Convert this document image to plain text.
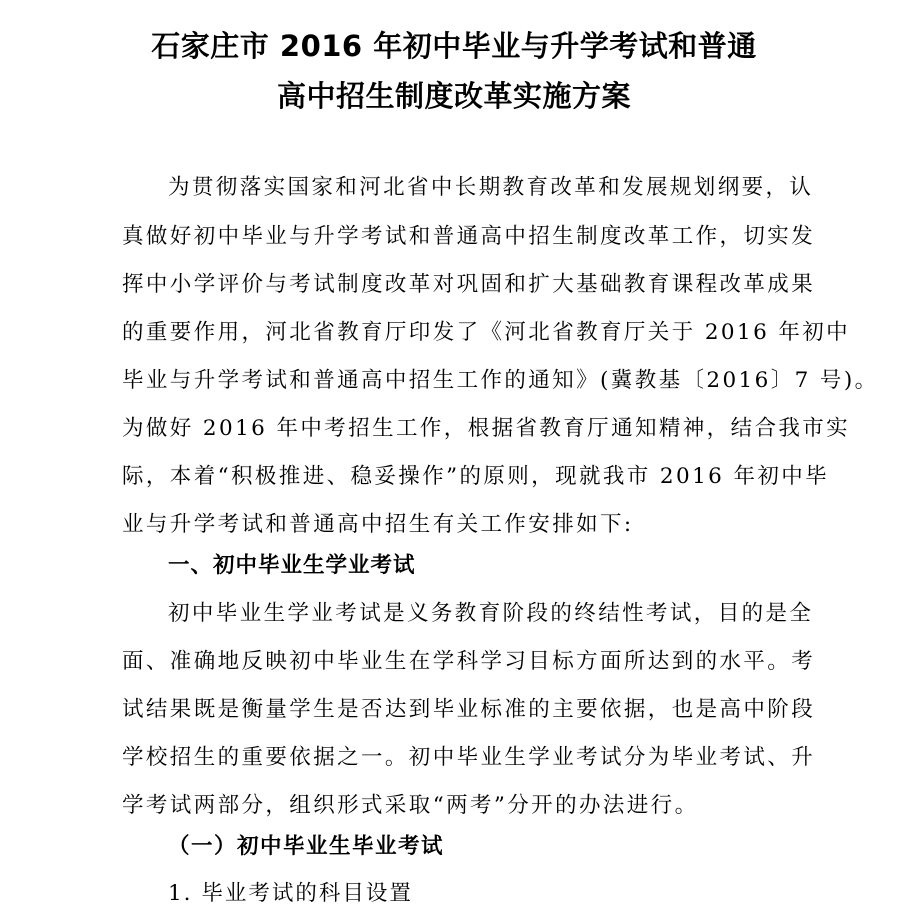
石家庄市 2016 年初中毕业与升学考试和普通
高中招生制度改革实施方案
为贯彻落实国家和河北省中长期教育改革和发展规划纲要，认
真做好初中毕业与升学考试和普通高中招生制度改革工作，切实发
挥中小学评价与考试制度改革对巩固和扩大基础教育课程改革成果
的重要作用，河北省教育厅印发了《河北省教育厅关于 2016 年初中
毕业与升学考试和普通高中招生工作的通知》(冀教基〔2016〕7 号)。
为做好 2016 年中考招生工作，根据省教育厅通知精神，结合我市实
际，本着“积极推进、稳妥操作”的原则，现就我市 2016 年初中毕
业与升学考试和普通高中招生有关工作安排如下:
一、初中毕业生学业考试
初中毕业生学业考试是义务教育阶段的终结性考试，目的是全
面、准确地反映初中毕业生在学科学习目标方面所达到的水平。考
试结果既是衡量学生是否达到毕业标准的主要依据，也是高中阶段
学校招生的重要依据之一。初中毕业生学业考试分为毕业考试、升
学考试两部分，组织形式采取“两考”分开的办法进行。
（一）初中毕业生毕业考试
1. 毕业考试的科目设置
